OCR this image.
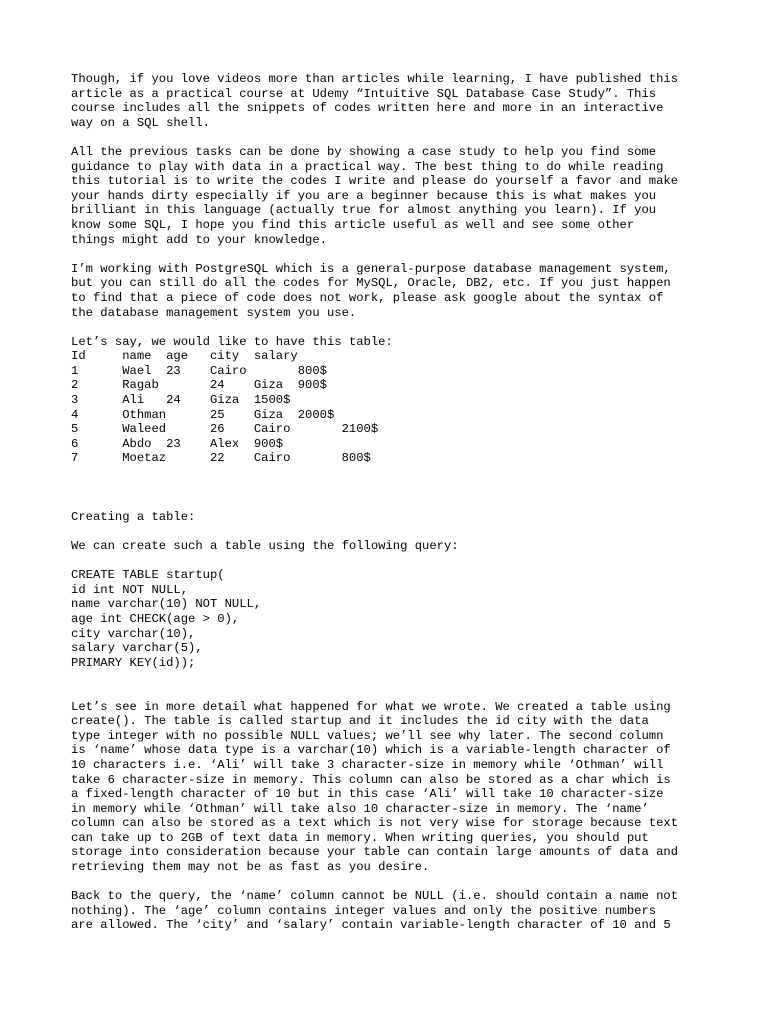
Though, if you love videos more than articles while learning, I have published this
article as a practical course at Udemy “Intuitive SQL Database Case Study”. This
course includes all the snippets of codes written here and more in an interactive
way on a SQL shell.

All the previous tasks can be done by showing a case study to help you find some
guidance to play with data in a practical way. The best thing to do while reading
this tutorial is to write the codes I write and please do yourself a favor and make
your hands dirty especially if you are a beginner because this is what makes you
brilliant in this language (actually true for almost anything you learn). If you
know some SQL, I hope you find this article useful as well and see some other
things might add to your knowledge.

I’m working with PostgreSQL which is a general-purpose database management system,
but you can still do all the codes for MySQL, Oracle, DB2, etc. If you just happen
to find that a piece of code does not work, please ask google about the syntax of
the database management system you use.

Let’s say, we would like to have this table:

Id     name  age   city  salary
1      Wael  23    Cairo       800$
2      Ragab       24    Giza  900$
3      Ali   24    Giza  1500$
4      Othman      25    Giza  2000$
5      Waleed      26    Cairo       2100$
6      Abdo  23    Alex  900$
7      Moetaz      22    Cairo       800$

Creating a table:

We can create such a table using the following query:

CREATE TABLE startup(
id int NOT NULL,
name varchar(10) NOT NULL,
age int CHECK(age > 0),
city varchar(10),
salary varchar(5),
PRIMARY KEY(id));

Let’s see in more detail what happened for what we wrote. We created a table using
create(). The table is called startup and it includes the id city with the data
type integer with no possible NULL values; we’ll see why later. The second column
is ‘name’ whose data type is a varchar(10) which is a variable-length character of
10 characters i.e. ‘Ali’ will take 3 character-size in memory while ‘Othman’ will
take 6 character-size in memory. This column can also be stored as a char which is
a fixed-length character of 10 but in this case ‘Ali’ will take 10 character-size
in memory while ‘Othman’ will take also 10 character-size in memory. The ‘name’
column can also be stored as a text which is not very wise for storage because text
can take up to 2GB of text data in memory. When writing queries, you should put
storage into consideration because your table can contain large amounts of data and
retrieving them may not be as fast as you desire.

Back to the query, the ‘name’ column cannot be NULL (i.e. should contain a name not
nothing). The ‘age’ column contains integer values and only the positive numbers
are allowed. The ‘city’ and ‘salary’ contain variable-length character of 10 and 5
